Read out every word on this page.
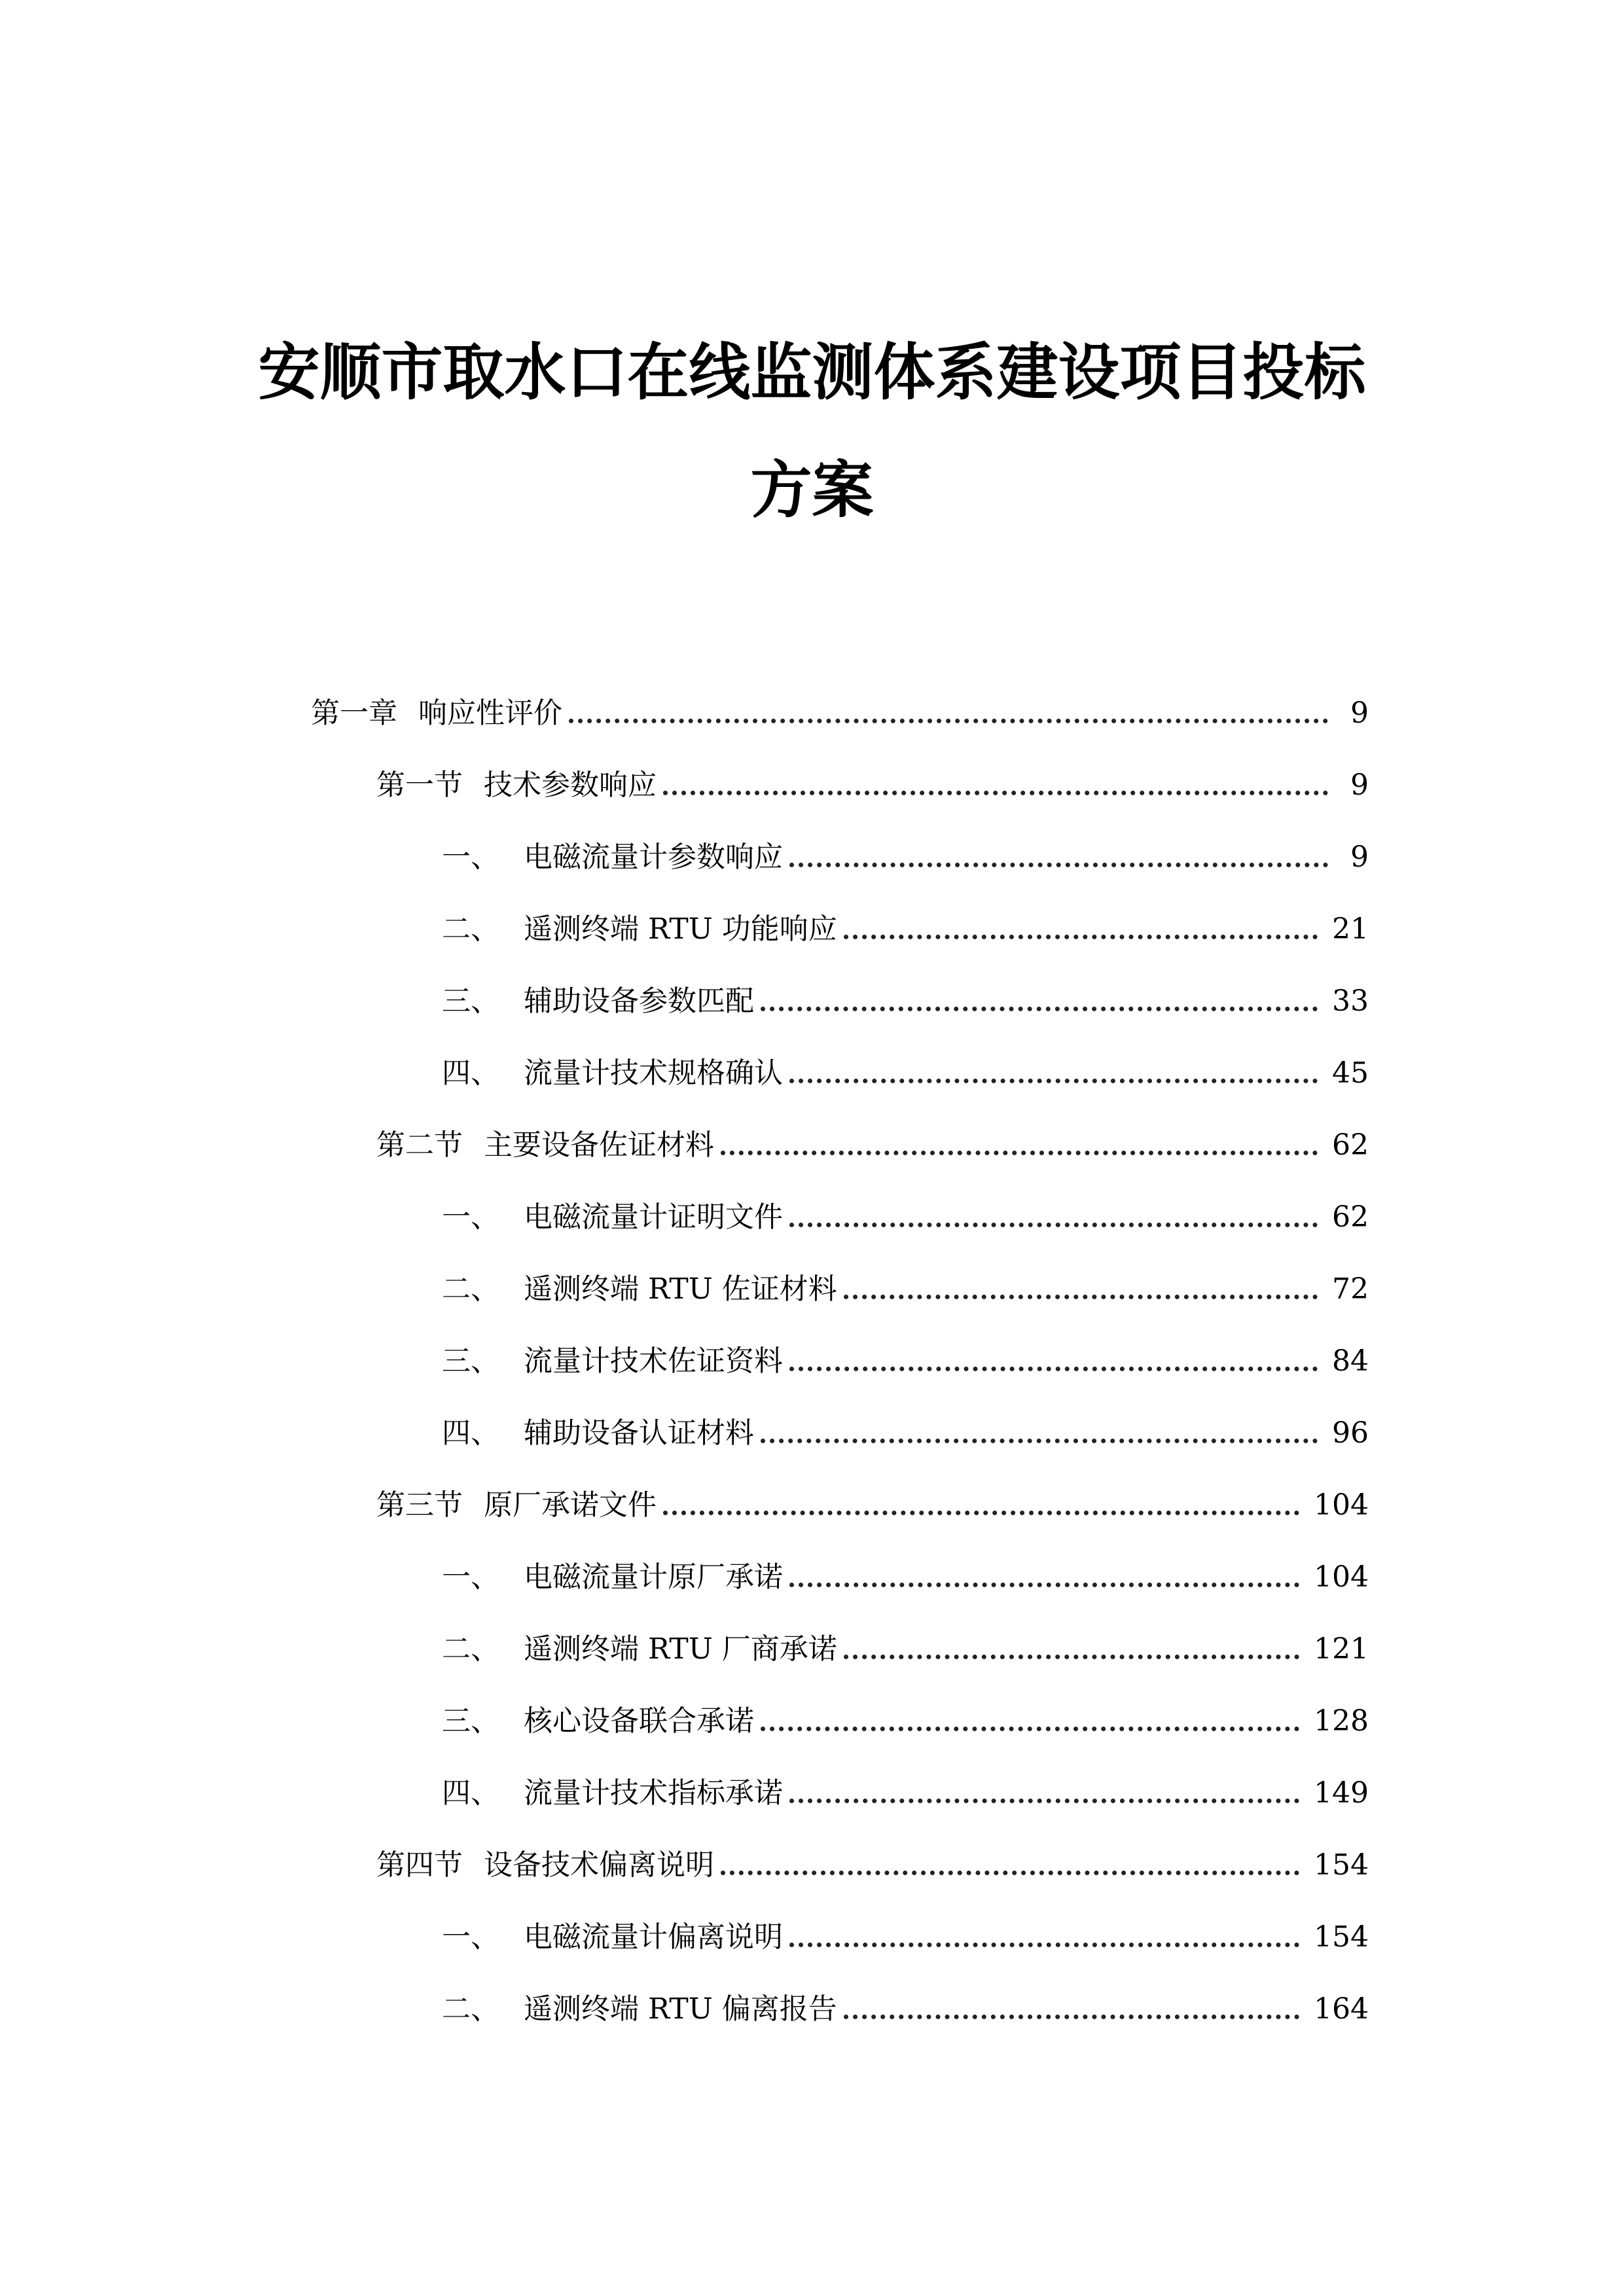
安顺市取水口在线监测体系建设项目投标
方案
第一章 响应性评价	9
第一节 技术参数响应	9
一、 电磁流量计参数响应	9
二、 遥测终端 RTU 功能响应	21
三、 辅助设备参数匹配	33
四、 流量计技术规格确认	45
第二节 主要设备佐证材料	62
一、 电磁流量计证明文件	62
二、 遥测终端 RTU 佐证材料	72
三、 流量计技术佐证资料	84
四、 辅助设备认证材料	96
第三节 原厂承诺文件	104
一、 电磁流量计原厂承诺	104
二、 遥测终端 RTU 厂商承诺	121
三、 核心设备联合承诺	128
四、 流量计技术指标承诺	149
第四节 设备技术偏离说明	154
一、 电磁流量计偏离说明	154
二、 遥测终端 RTU 偏离报告	164
